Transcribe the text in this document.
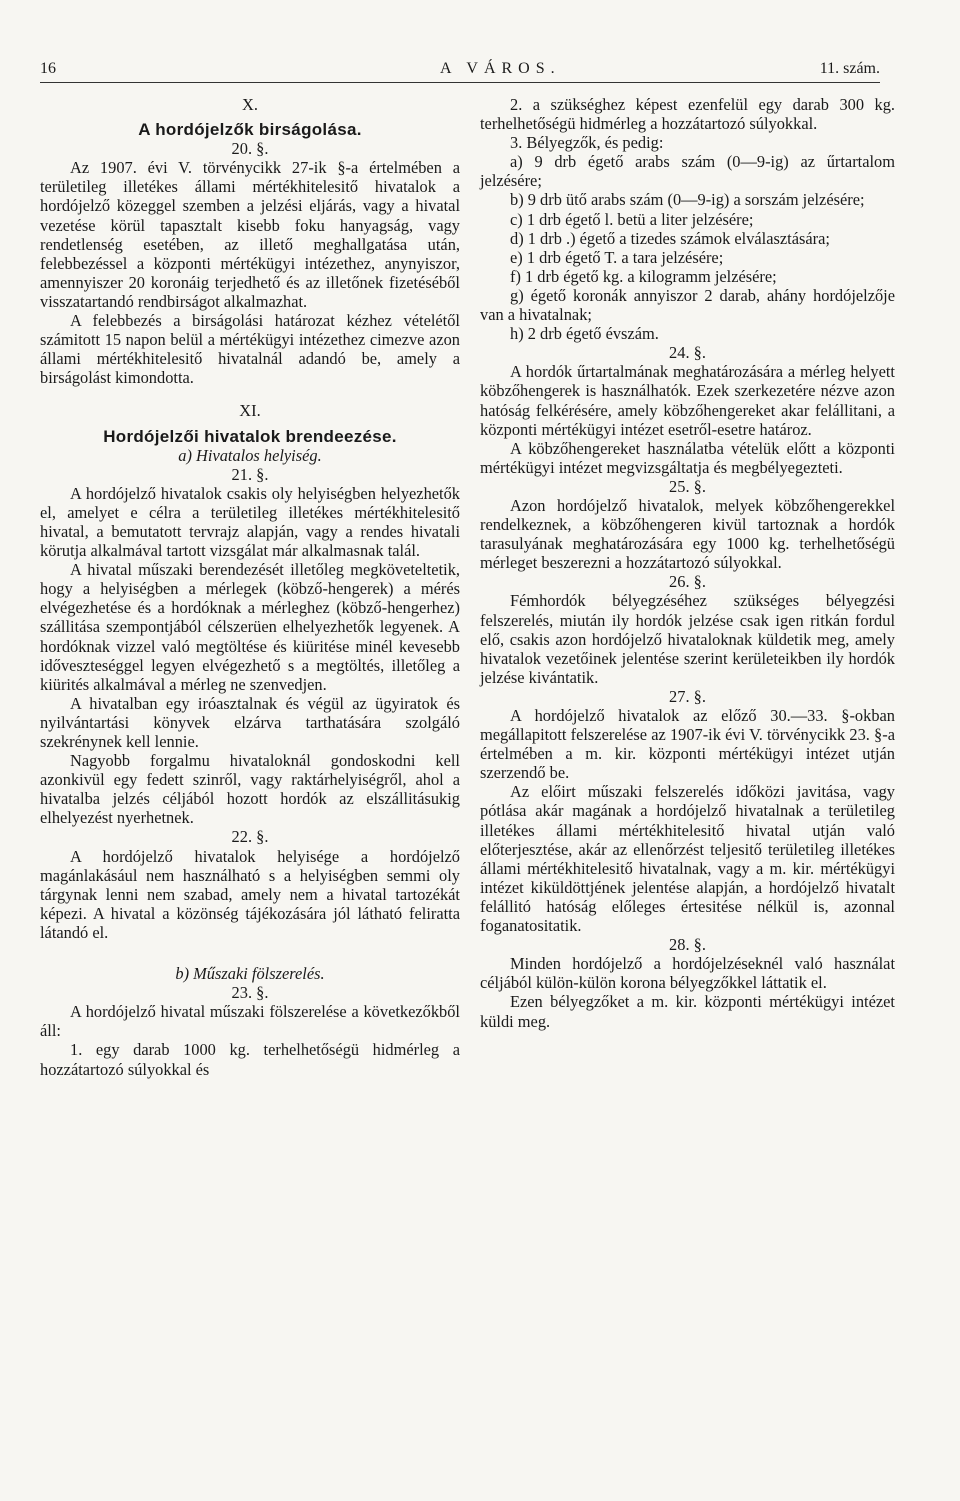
16	A VÁROS.	11. szám.

X.

A hordójelzők birságolása.

20. §.

Az 1907. évi V. törvénycikk 27-ik §-a értelmében a területileg illetékes állami mértékhitelesitő hivatalok a hordójelző közeggel szemben a jelzési eljárás, vagy a hivatal vezetése körül tapasztalt kisebb foku hanyagság, vagy rendetlenség esetében, az illető meghallgatása után, felebbezéssel a központi mértékügyi intézethez, anynyiszor, amennyiszer 20 koronáig terjedhető és az illetőnek fizetéséből visszatartandó rendbirságot alkalmazhat.

A felebbezés a birságolási határozat kézhez vételétől számitott 15 napon belül a mértékügyi intézethez cimezve azon állami mértékhitelesitő hivatalnál adandó be, amely a birságolást kimondotta.

XI.

Hordójelzői hivatalok brendeezése.

a) Hivatalos helyiség.

21. §.

A hordójelző hivatalok csakis oly helyiségben helyezhetők el, amelyet e célra a területileg illetékes mértékhitelesitő hivatal, a bemutatott tervrajz alapján, vagy a rendes hivatali körutja alkalmával tartott vizsgálat már alkalmasnak talál.

A hivatal műszaki berendezését illetőleg megköveteltetik, hogy a helyiségben a mérlegek (köbző-hengerek) a mérés elvégezhetése és a hordóknak a mérleghez (köbző-hengerhez) szállitása szempontjából célszerüen elhelyezhetők legyenek. A hordóknak vizzel való megtöltése és kiüritése minél kevesebb időveszteséggel legyen elvégezhető s a megtöltés, illetőleg a kiürités alkalmával a mérleg ne szenvedjen.

A hivatalban egy iróasztalnak és végül az ügyiratok és nyilvántartási könyvek elzárva tarthatására szolgáló szekrénynek kell lennie.

Nagyobb forgalmu hivataloknál gondoskodni kell azonkivül egy fedett szinről, vagy raktárhelyiségről, ahol a hivatalba jelzés céljából hozott hordók az elszállitásukig elhelyezést nyerhetnek.

22. §.

A hordójelző hivatalok helyisége a hordójelző magánlakásául nem használható s a helyiségben semmi oly tárgynak lenni nem szabad, amely nem a hivatal tartozékát képezi. A hivatal a közönség tájékozására jól látható feliratta látandó el.

b) Műszaki fölszerelés.

23. §.

A hordójelző hivatal műszaki fölszerelése a következőkből áll:

1. egy darab 1000 kg. terhelhetőségü hidmérleg a hozzátartozó súlyokkal és

2. a szükséghez képest ezenfelül egy darab 300 kg. terhelhetőségü hidmérleg a hozzátartozó súlyokkal.

3. Bélyegzők, és pedig:

a) 9 drb égető arabs szám (0—9-ig) az űrtartalom jelzésére;

b) 9 drb ütő arabs szám (0—9-ig) a sorszám jelzésére;

c) 1 drb égető l. betü a liter jelzésére;

d) 1 drb .) égető a tizedes számok elválasztására;

e) 1 drb égető T. a tara jelzésére;

f) 1 drb égető kg. a kilogramm jelzésére;

g) égető koronák annyiszor 2 darab, ahány hordójelzője van a hivatalnak;

h) 2 drb égető évszám.

24. §.

A hordók űrtartalmának meghatározására a mérleg helyett köbzőhengerek is használhatók. Ezek szerkezetére nézve azon hatóság felkérésére, amely köbzőhengereket akar felállitani, a központi mértékügyi intézet esetről-esetre határoz.

A köbzőhengereket használatba vételük előtt a központi mértékügyi intézet megvizsgáltatja és megbélyegezteti.

25. §.

Azon hordójelző hivatalok, melyek köbzőhengerekkel rendelkeznek, a köbzőhengeren kivül tartoznak a hordók tarasulyának meghatározására egy 1000 kg. terhelhetőségü mérleget beszerezni a hozzátartozó súlyokkal.

26. §.

Fémhordók bélyegzéséhez szükséges bélyegzési felszerelés, miután ily hordók jelzése csak igen ritkán fordul elő, csakis azon hordójelző hivataloknak küldetik meg, amely hivatalok vezetőinek jelentése szerint kerületeikben ily hordók jelzése kivántatik.

27. §.

A hordójelző hivatalok az előző 30.—33. §-okban megállapitott felszerelése az 1907-ik évi V. törvénycikk 23. §-a értelmében a m. kir. központi mértékügyi intézet utján szerzendő be.

Az előirt műszaki felszerelés időközi javitása, vagy pótlása akár magának a hordójelző hivatalnak a területileg illetékes állami mértékhitelesitő hivatal utján való előterjesztése, akár az ellenőrzést teljesitő területileg illetékes állami mértékhitelesitő hivatalnak, vagy a m. kir. mértékügyi intézet kiküldöttjének jelentése alapján, a hordójelző hivatalt felállitó hatóság előleges értesitése nélkül is, azonnal foganatositatik.

28. §.

Minden hordójelző a hordójelzéseknél való használat céljából külön-külön korona bélyegzőkkel láttatik el.

Ezen bélyegzőket a m. kir. központi mértékügyi intézet küldi meg.
